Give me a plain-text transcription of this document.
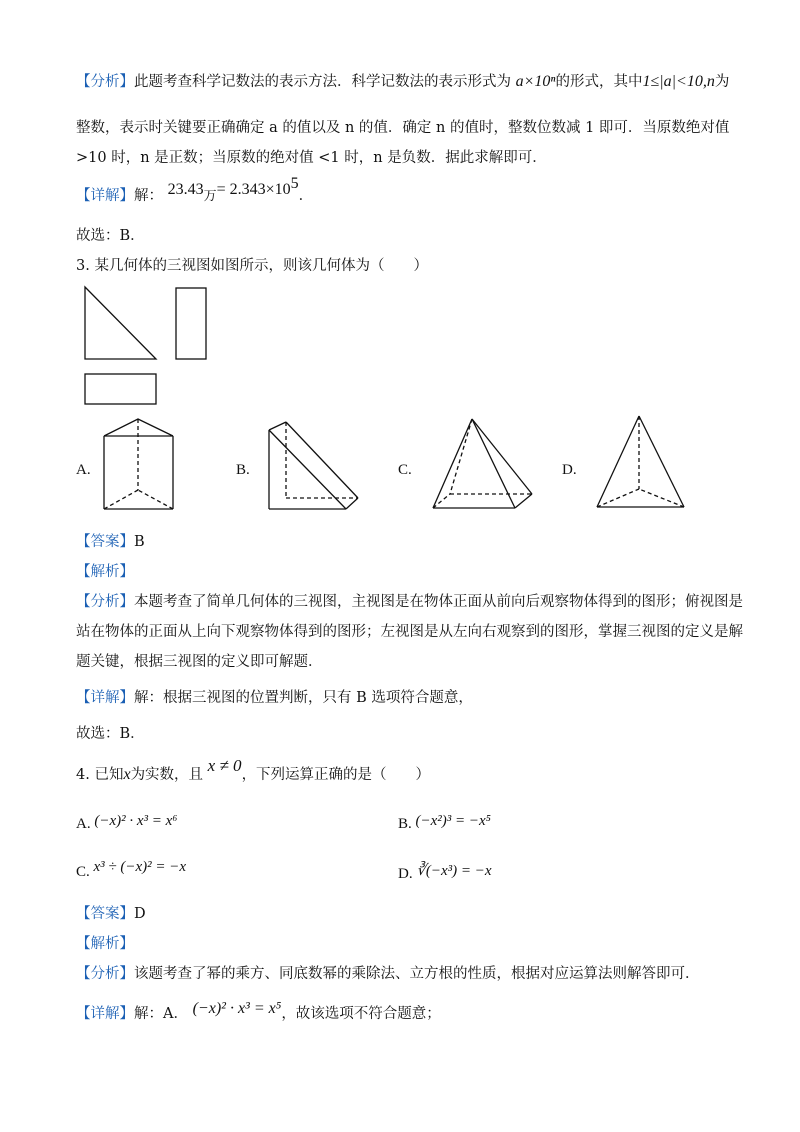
【分析】此题考查科学记数法的表示方法．科学记数法的表示形式为 a×10ⁿ的形式，其中1≤|a|<10,n为
整数，表示时关键要正确确定 a 的值以及 n 的值．确定 n 的值时，整数位数减 1 即可．当原数绝对值
>10 时，n 是正数；当原数的绝对值 <1 时，n 是负数．据此求解即可．
【详解】解： 23.43万= $2.343\times 10^5$．
故选：B．
3. 某几何体的三视图如图所示，则该几何体为（　　）
A.	B.	C.	D.
【答案】B
【解析】
【分析】本题考查了简单几何体的三视图，主视图是在物体正面从前向后观察物体得到的图形；俯视图是
站在物体的正面从上向下观察物体得到的图形；左视图是从左向右观察到的图形，掌握三视图的定义是解
题关键，根据三视图的定义即可解题．
【详解】解：根据三视图的位置判断，只有 B 选项符合题意，
故选：B．
4. 已知x为实数，且 x ≠ 0，下列运算正确的是（　　）
A. (−x)² · x³ = x⁶	B. (−x²)³ = −x⁵
C. x³ ÷ (−x)² = −x	D. ∛(−x³) = −x
【答案】D
【解析】
【分析】该题考查了幂的乘方、同底数幂的乘除法、立方根的性质，根据对应运算法则解答即可．
【详解】解：A． (−x)² · x³ = x⁵，故该选项不符合题意；
